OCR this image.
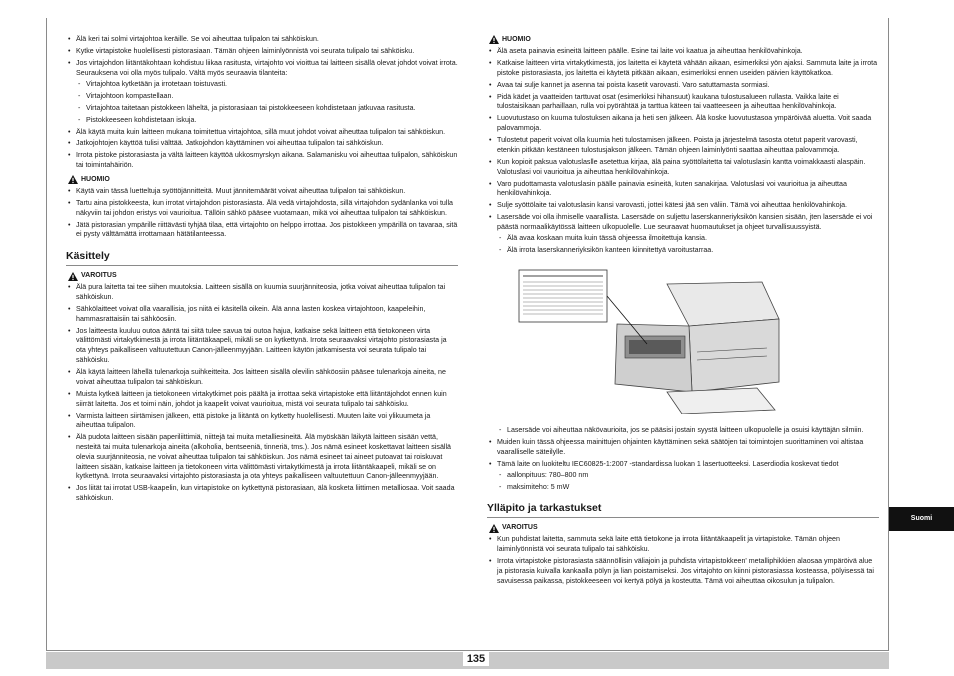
• Älä keri tai solmi virtajohtoa keräille. Se voi aiheuttaa tulipalon tai sähköiskun.
• Kytke virtapistoke huolellisesti pistorasiaan. Tämän ohjeen laiminlyönnistä voi seurata tulipalo tai sähköisku.
• Jos virtajohdon liitäntäkohtaan kohdistuu liikaa rasitusta, virtajohto voi vioittua tai laitteen sisällä olevat johdot voivat irrota. Seurauksena voi olla myös tulipalo. Vältä myös seuraavia tilanteita:
- Virtajohtoa kytketään ja irrotetaan toistuvasti.
- Virtajohtoon kompastellaan.
- Virtajohtoa taitetaan pistokkeen läheltä, ja pistorasiaan tai pistokkeeseen kohdistetaan jatkuvaa rasitusta.
- Pistokkeeseen kohdistetaan iskuja.
• Älä käytä muita kuin laitteen mukana toimitettua virtajohtoa, sillä muut johdot voivat aiheuttaa tulipalon tai sähköiskun.
• Jatkojohtojen käyttöä tulisi välttää. Jatkojohdon käyttäminen voi aiheuttaa tulipalon tai sähköiskun.
• Irrota pistoke pistorasiasta ja vältä laitteen käyttöä ukkosmyrskyn aikana. Salamanisku voi aiheuttaa tulipalon, sähköiskun tai toimintahäiriön.
HUOMIO
• Käytä vain tässä luetteltuja syöttöjännitteitä. Muut jännitemäärät voivat aiheuttaa tulipalon tai sähköiskun.
• Tartu aina pistokkeesta, kun irrotat virtajohdon pistorasiasta. Älä vedä virtajohdosta, sillä virtajohdon sydänlanka voi tulla näkyviin tai johdon eristys voi vaurioitua. Tällöin sähkö pääsee vuotamaan, mikä voi aiheuttaa tulipalon tai sähköiskun.
• Jätä pistorasian ympärille riittävästi tyhjää tilaa, että virtajohto on helppo irrottaa. Jos pistokkeen ympärillä on tavaraa, sitä ei pysty välttämättä irrottamaan hätätilanteessa.
Käsittely
VAROITUS
• Älä pura laitetta tai tee siihen muutoksia. Laitteen sisällä on kuumia suurjänniteosia, jotka voivat aiheuttaa tulipalon tai sähköiskun.
• Sähkölaitteet voivat olla vaarallisia, jos niitä ei käsitellä oikein. Älä anna lasten koskea virtajohtoon, kaapeleihin, hammasrattaisiin tai sähköosiin.
• Jos laitteesta kuuluu outoa ääntä tai siitä tulee savua tai outoa hajua, katkaise sekä laitteen että tietokoneen virta välittömästi virtakytkimestä ja irrota liitäntäkaapeli, mikäli se on kytkettynä. Irrota seuraavaksi virtajohto pistorasiasta ja ota yhteys paikalliseen valtuutettuun Canon-jälleenmyyjään. Laitteen käytön jatkamisesta voi seurata tulipalo tai sähköisku.
• Älä käytä laitteen lähellä tulenarkoja suihkeitteita. Jos laitteen sisällä olevilin sähköosiin pääsee tulenarkoja aineita, ne voivat aiheuttaa tulipalon tai sähköiskun.
• Muista kytkeä laitteen ja tietokoneen virtakytkimet pois päältä ja irrottaa sekä virtapistoke että liitäntäjohdot ennen kuin siirrät laitetta. Jos et toimi näin, johdot ja kaapelit voivat vaurioitua, mistä voi seurata tulipalo tai sähköisku.
• Varmista laitteen siirtämisen jälkeen, että pistoke ja liitäntä on kytketty huolellisesti. Muuten laite voi ylikuumeta ja aiheuttaa tulipalon.
• Älä pudota laitteen sisään paperiliittimiä, niittejä tai muita metalliesineitä. Älä myöskään läikytä laitteen sisään vettä, nesteitä tai muita tulenarkoja aineita (alkoholia, bentseeniä, tinneriä, tms.). Jos nämä esineet koskettavat laitteen sisällä olevia suurjänniteosia, ne voivat aiheuttaa tulipalon tai sähköiskun. Jos nämä esineet tai aineet putoavat tai roiskuvat laitteen sisään, katkaise laitteen ja tietokoneen virta välittömästi virtakytkimestä ja irrota liitäntäkaapeli, mikäli se on kytkettynä. Irrota seuraavaksi virtajohto pistorasiasta ja ota yhteys paikalliseen valtuutettuun Canon-jälleenmyyjään.
• Jos liität tai irrotat USB-kaapelin, kun virtapistoke on kytkettynä pistorasiaan, älä kosketa liittimen metalliosaa. Voit saada sähköiskun.
HUOMIO
• Älä aseta painavia esineitä laitteen päälle. Esine tai laite voi kaatua ja aiheuttaa henkilövahinkoja.
• Katkaise laitteen virta virtakytkimestä, jos laitetta ei käytetä vähään aikaan, esimerkiksi yön ajaksi. Sammuta laite ja irrota pistoke pistorasiasta, jos laitetta ei käytetä pitkään aikaan, esimerkiksi ennen useiden päivien käyttökatkoa.
• Avaa tai sulje kannet ja asenna tai poista kasetit varovasti. Varo satuttamasta sormiasi.
• Pidä kädet ja vaatteiden tarttuvat osat (esimerkiksi hihansuut) kaukana tulostusalueen rullasta. Vaikka laite ei tulostaisikaan parhaillaan, rulla voi pyörähtää ja tarttua käteen tai vaatteeseen ja aiheuttaa henkilövahinkoja.
• Luovutustaso on kuuma tulostuksen aikana ja heti sen jälkeen. Älä koske luovutustasoa ympäröivää aluetta. Voit saada palovammoja.
• Tulostetut paperit voivat olla kuumia heti tulostamisen jälkeen. Poista ja järjestelmä tasosta otetut paperit varovasti, etenkin pitkään kestäneen tulostusjakson jälkeen. Tämän ohjeen laiminlyönti saattaa aiheuttaa palovammoja.
• Kun kopioit paksua valotuslaslle asetettua kirjaa, älä paina syöttölaitetta tai valotuslasin kantta voimakkaasti alaspäin. Valotuslasi voi vaurioitua ja aiheuttaa henkilövahinkoja.
• Varo pudottamasta valotuslasin päälle painavia esineitä, kuten sanakirjaa. Valotuslasi voi vaurioitua ja aiheuttaa henkilövahinkoja.
• Sulje syöttölaite tai valotuslasin kansi varovasti, jottei kätesi jää sen väliin. Tämä voi aiheuttaa henkilövahinkoja.
• Lasersäde voi olla ihmiselle vaarallista. Lasersäde on suljettu laserskanneriyksikön kansien sisään, jten lasersäde ei voi päästä normaalikäytössä laitteen ulkopuolelle. Lue seuraavat huomautukset ja ohjeet turvallisuussyistä.
- Älä avaa koskaan muita kuin tässä ohjeessa ilmoitettuja kansia.
- Älä irrota laserskanneriyksikön kanteen kiinnitettyä varoitustarraa.
- Lasersäde voi aiheuttaa näkövaurioita, jos se pääsisi jostain syystä laitteen ulkopuolelle ja osuisi käyttäjän silmiin.
• Muiden kuin tässä ohjeessa mainittujen ohjainten käyttäminen sekä säätöjen tai toimintojen suorittaminen voi altistaa vaaralliselle säteilylle.
• Tämä laite on luokiteltu IEC60825-1:2007 -standardissa luokan 1 lasertuotteeksi. Laserdiodia koskevat tiedot
- aallonpituus: 780–800 nm
- maksimiteho: 5 mW
Ylläpito ja tarkastukset
VAROITUS
• Kun puhdistat laitetta, sammuta sekä laite että tietokone ja irrota liitäntäkaapelit ja virtapistoke. Tämän ohjeen laiminlyönnistä voi seurata tulipalo tai sähköisku.
• Irrota virtapistoke pistorasiasta säännöllisin väliajoin ja puhdista virtapistokkeen' metalliphikkien alaosaa ympäröivä alue ja pistorasia kuivalla kankaalla pölyn ja lian poistamiseksi. Jos virtajohto on kiinni pistorasiassa kosteassa, pölyisessä tai savuisessa paikassa, pistokkeeseen voi kertyä pölyä ja kosteutta. Tämä voi aiheuttaa oikosulun ja tulipalon.
Suomi
135
